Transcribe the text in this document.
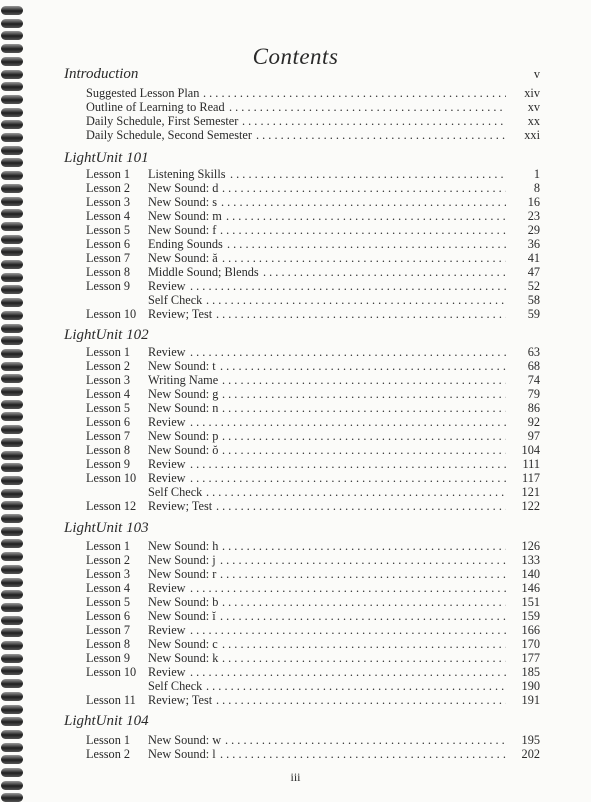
Contents
Introduction	v
Suggested Lesson Plan . . .	xiv
Outline of Learning to Read . . .	xv
Daily Schedule, First Semester . . .	xx
Daily Schedule, Second Semester . . .	xxi
LightUnit 101
Lesson 1 Listening Skills . . .	1
Lesson 2 New Sound: d . . .	8
Lesson 3 New Sound: s . . .	16
Lesson 4 New Sound: m . . .	23
Lesson 5 New Sound: f . . .	29
Lesson 6 Ending Sounds . . .	36
Lesson 7 New Sound: ă . . .	41
Lesson 8 Middle Sound; Blends . . .	47
Lesson 9 Review . . .	52
Self Check . . .	58
Lesson 10 Review; Test . . .	59
LightUnit 102
Lesson 1 Review . . .	63
Lesson 2 New Sound: t . . .	68
Lesson 3 Writing Name . . .	74
Lesson 4 New Sound: g . . .	79
Lesson 5 New Sound: n . . .	86
Lesson 6 Review . . .	92
Lesson 7 New Sound: p . . .	97
Lesson 8 New Sound: ŏ . . .	104
Lesson 9 Review . . .	111
Lesson 10 Review . . .	117
Self Check . . .	121
Lesson 12 Review; Test . . .	122
LightUnit 103
Lesson 1 New Sound: h . . .	126
Lesson 2 New Sound: j . . .	133
Lesson 3 New Sound: r . . .	140
Lesson 4 Review . . .	146
Lesson 5 New Sound: b . . .	151
Lesson 6 New Sound: ĭ . . .	159
Lesson 7 Review . . .	166
Lesson 8 New Sound: c . . .	170
Lesson 9 New Sound: k . . .	177
Lesson 10 Review . . .	185
Self Check . . .	190
Lesson 11 Review; Test . . .	191
LightUnit 104
Lesson 1 New Sound: w . . .	195
Lesson 2 New Sound: l . . .	202
iii
